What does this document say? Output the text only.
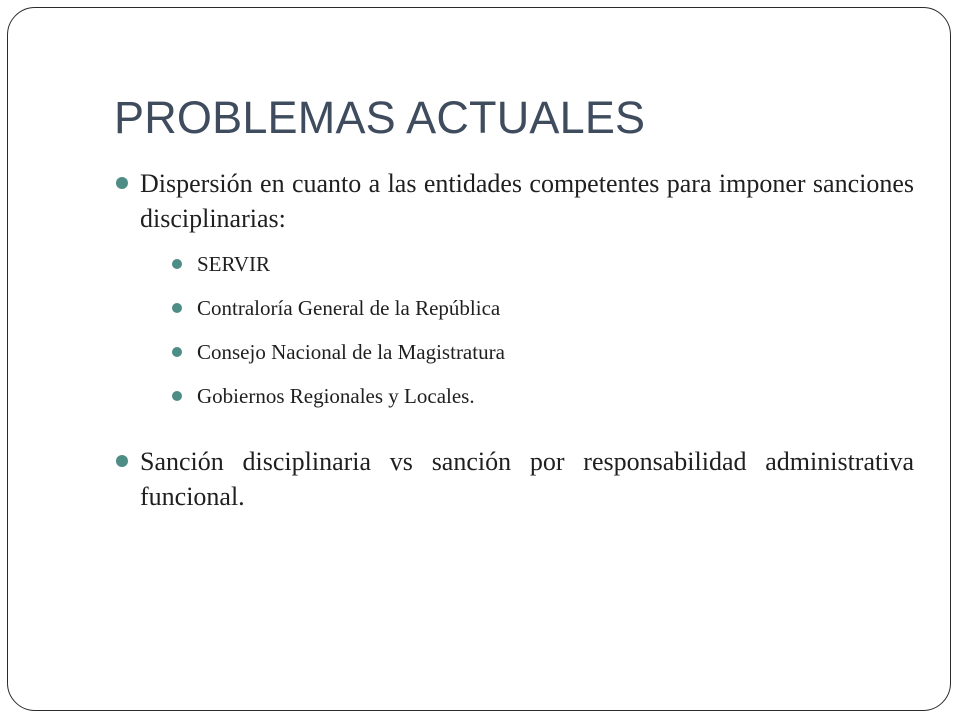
PROBLEMAS ACTUALES
Dispersión en cuanto a las entidades competentes para imponer sanciones disciplinarias:
SERVIR
Contraloría General de la República
Consejo Nacional de la Magistratura
Gobiernos Regionales y Locales.
Sanción disciplinaria vs sanción por responsabilidad administrativa funcional.
